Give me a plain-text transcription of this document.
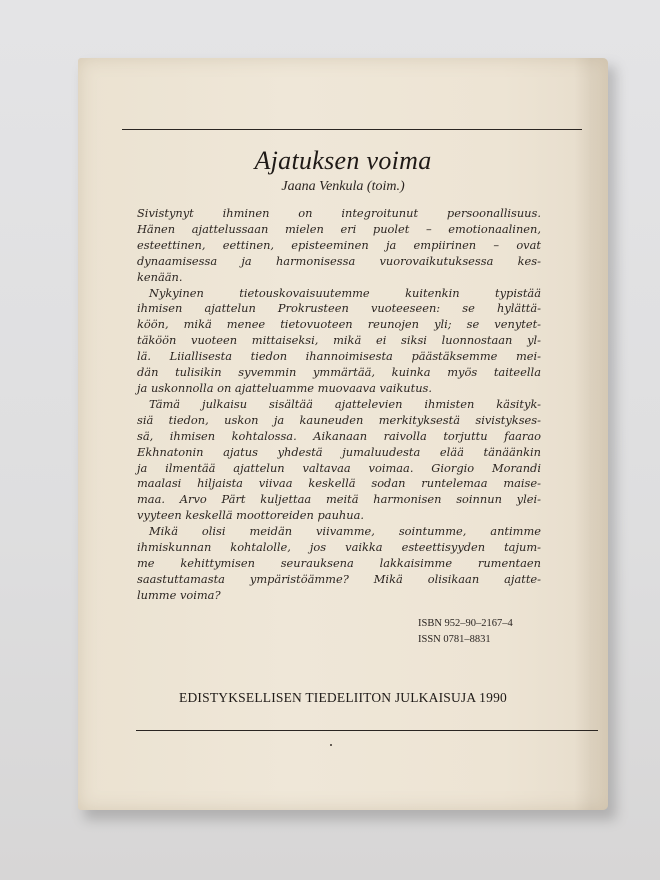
Ajatuksen voima
Jaana Venkula (toim.)
Sivistynyt ihminen on integroitunut persoonallisuus.
Hänen ajattelussaan mielen eri puolet – emotionaalinen,
esteettinen, eettinen, episteeminen ja empiirinen – ovat
dynaamisessa ja harmonisessa vuorovaikutuksessa kes-
kenään.
Nykyinen tietouskovaisuutemme kuitenkin typistää
ihmisen ajattelun Prokrusteen vuoteeseen: se hylättä-
köön, mikä menee tietovuoteen reunojen yli; se venytet-
täköön vuoteen mittaiseksi, mikä ei siksi luonnostaan yl-
lä. Liiallisesta tiedon ihannoimisesta päästäksemme mei-
dän tulisikin syvemmin ymmärtää, kuinka myös taiteella
ja uskonnolla on ajatteluamme muovaava vaikutus.
Tämä julkaisu sisältää ajattelevien ihmisten käsityk-
siä tiedon, uskon ja kauneuden merkityksestä sivistykses-
sä, ihmisen kohtalossa. Aikanaan raivolla torjuttu faarao
Ekhnatonin ajatus yhdestä jumaluudesta elää tänäänkin
ja ilmentää ajattelun valtavaa voimaa. Giorgio Morandi
maalasi hiljaista viivaa keskellä sodan runtelemaa maise-
maa. Arvo Pärt kuljettaa meitä harmonisen soinnun ylei-
vyyteen keskellä moottoreiden pauhua.
Mikä olisi meidän viivamme, sointumme, antimme
ihmiskunnan kohtalolle, jos vaikka esteettisyyden tajum-
me kehittymisen seurauksena lakkaisimme rumentaen
saastuttamasta ympäristöämme? Mikä olisikaan ajatte-
lumme voima?
ISBN 952–90–2167–4
ISSN 0781–8831
EDISTYKSELLISEN TIEDELIITON JULKAISUJA 1990
